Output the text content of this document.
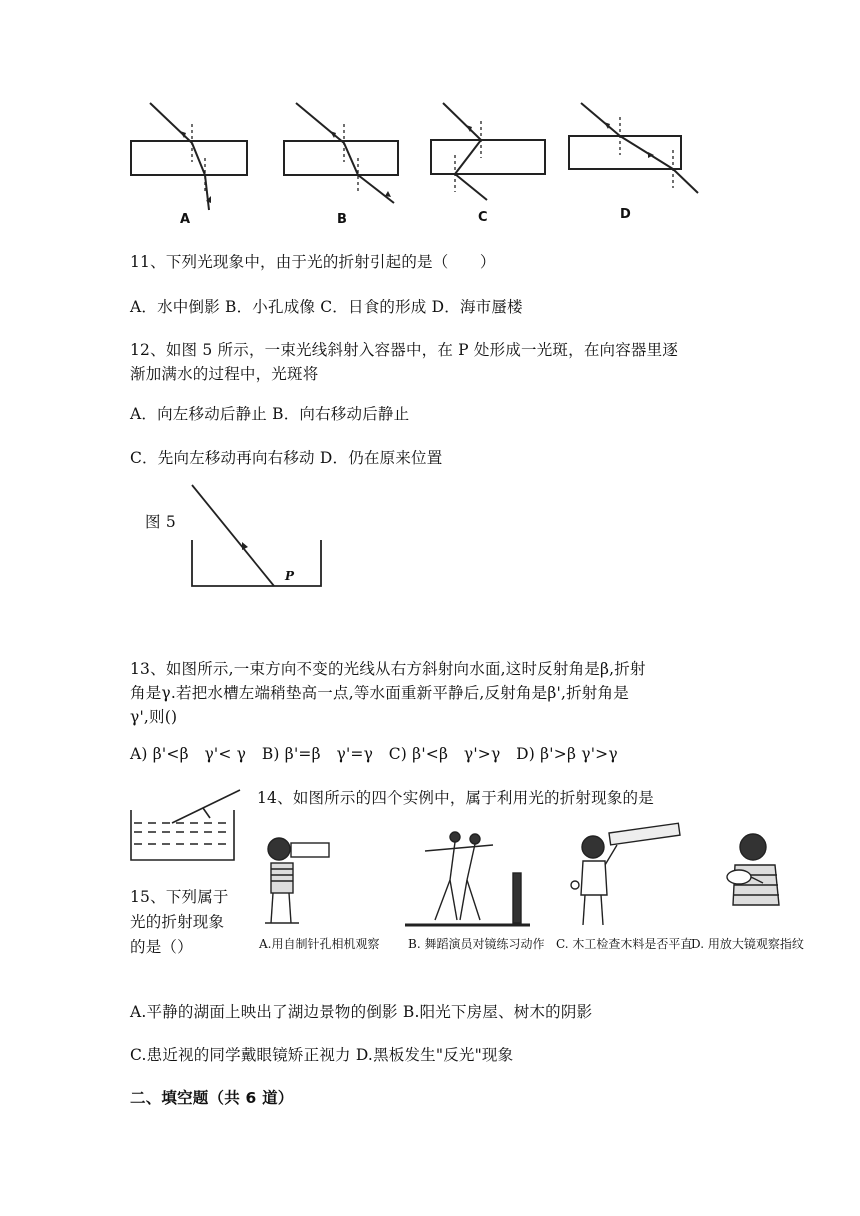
A	B	C	D
11、下列光现象中，由于光的折射引起的是（　　）
A．水中倒影 B．小孔成像 C．日食的形成 D．海市蜃楼
12、如图 5 所示，一束光线斜射入容器中，在 P 处形成一光斑，在向容器里逐
渐加满水的过程中，光斑将
A．向左移动后静止 B．向右移动后静止
C．先向左移动再向右移动 D．仍在原来位置
图 5
P
13、如图所示,一束方向不变的光线从右方斜射向水面,这时反射角是β,折射
角是γ.若把水槽左端稍垫高一点,等水面重新平静后,反射角是β',折射角是
γ',则()
A) β'<β　γ'< γ　B) β'=β　γ'=γ　C) β'<β　γ'>γ　D) β'>β γ'>γ
14、如图所示的四个实例中，属于利用光的折射现象的是
A.用自制针孔相机观察 B. 舞蹈演员对镜练习动作 C. 木工检查木料是否平直
D. 用放大镜观察指纹
15、下列属于
光的折射现象
的是（）
A.平静的湖面上映出了湖边景物的倒影 B.阳光下房屋、树木的阴影
C.患近视的同学戴眼镜矫正视力 D.黑板发生"反光"现象
二、填空题（共 6 道）
